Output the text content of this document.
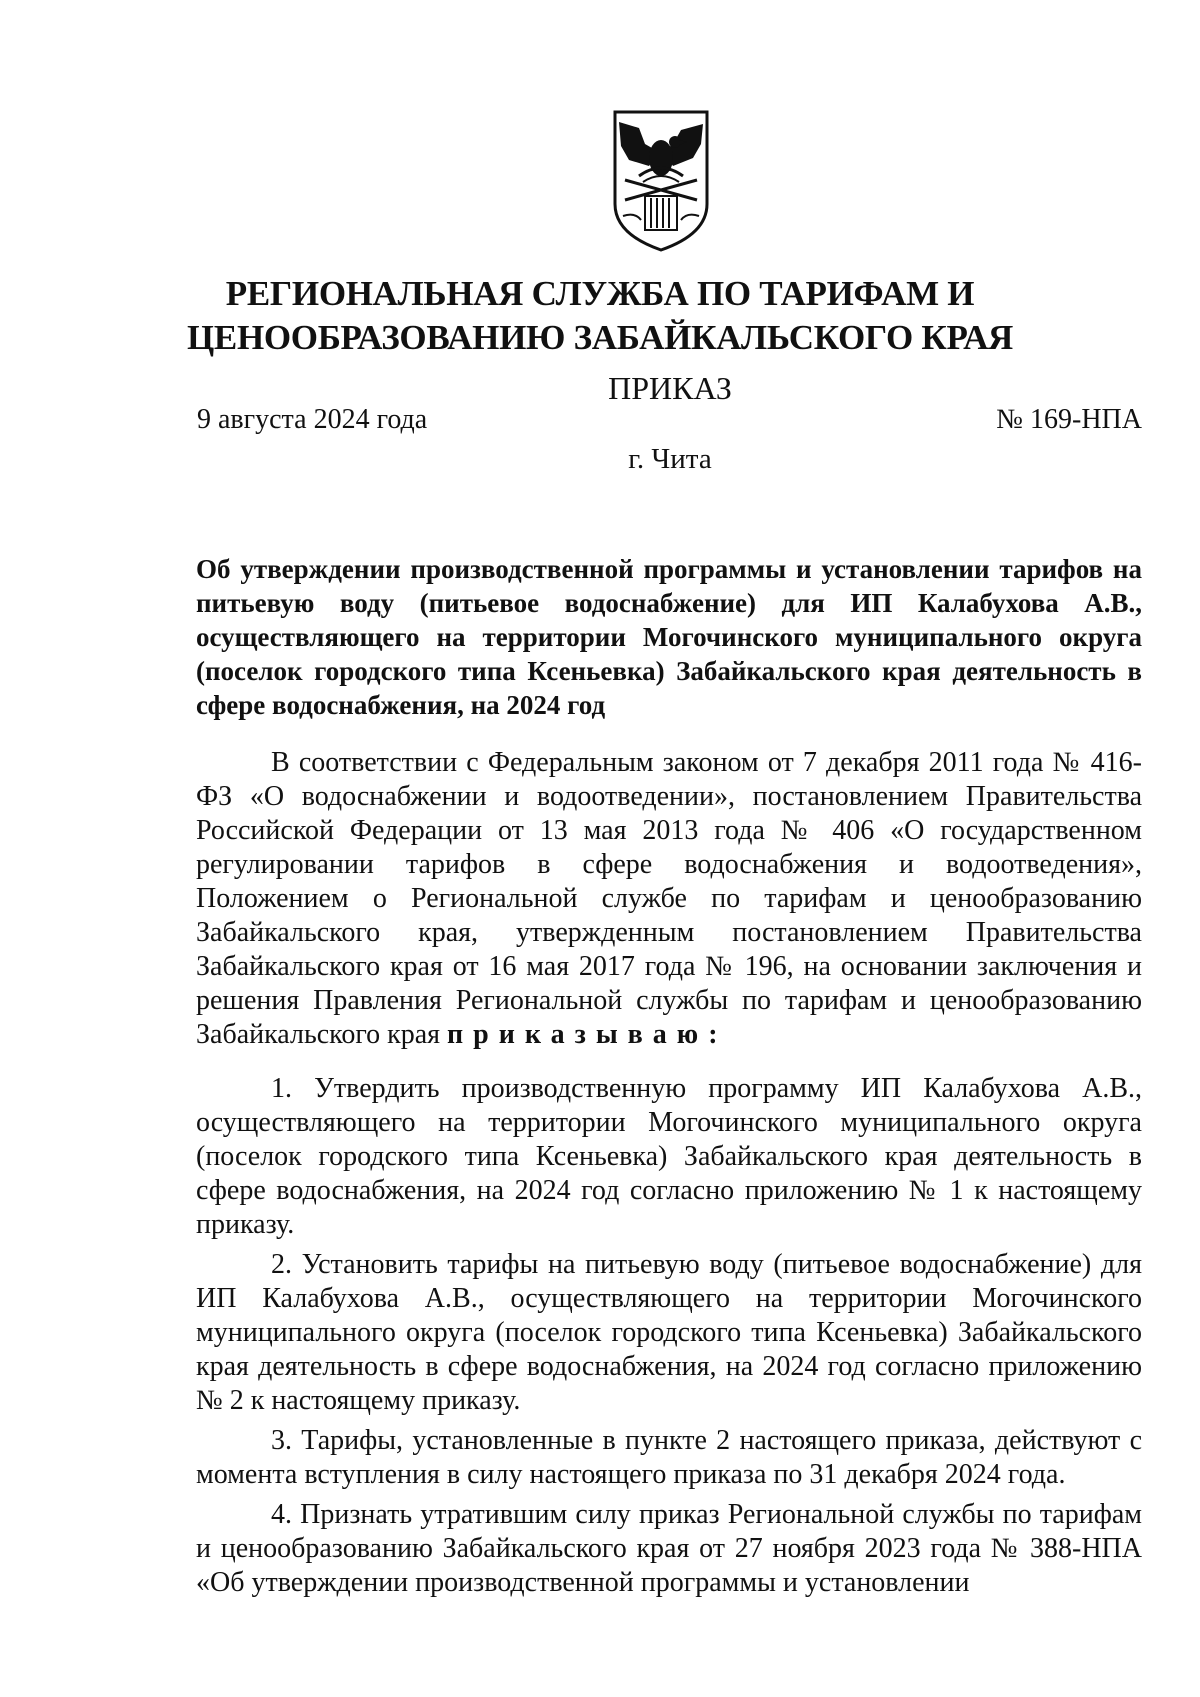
РЕГИОНАЛЬНАЯ СЛУЖБА ПО ТАРИФАМ И
ЦЕНООБРАЗОВАНИЮ ЗАБАЙКАЛЬСКОГО КРАЯ
ПРИКАЗ
9 августа 2024 года	№ 169-НПА
г. Чита
Об утверждении производственной программы и установлении тарифов на питьевую воду (питьевое водоснабжение) для ИП Калабухова А.В., осуществляющего на территории Могочинского муниципального округа (поселок городского типа Ксеньевка) Забайкальского края деятельность в сфере водоснабжения, на 2024 год

В соответствии с Федеральным законом от 7 декабря 2011 года № 416-ФЗ «О водоснабжении и водоотведении», постановлением Правительства Российской Федерации от 13 мая 2013 года № 406 «О государственном регулировании тарифов в сфере водоснабжения и водоотведения», Положением о Региональной службе по тарифам и ценообразованию Забайкальского края, утвержденным постановлением Правительства Забайкальского края от 16 мая 2017 года № 196, на основании заключения и решения Правления Региональной службы по тарифам и ценообразованию Забайкальского края приказываю:

1. Утвердить производственную программу ИП Калабухова А.В., осуществляющего на территории Могочинского муниципального округа (поселок городского типа Ксеньевка) Забайкальского края деятельность в сфере водоснабжения, на 2024 год согласно приложению № 1 к настоящему приказу.

2. Установить тарифы на питьевую воду (питьевое водоснабжение) для ИП Калабухова А.В., осуществляющего на территории Могочинского муниципального округа (поселок городского типа Ксеньевка) Забайкальского края деятельность в сфере водоснабжения, на 2024 год согласно приложению № 2 к настоящему приказу.

3. Тарифы, установленные в пункте 2 настоящего приказа, действуют с момента вступления в силу настоящего приказа по 31 декабря 2024 года.

4. Признать утратившим силу приказ Региональной службы по тарифам и ценообразованию Забайкальского края от 27 ноября 2023 года № 388-НПА «Об утверждении производственной программы и установлении
